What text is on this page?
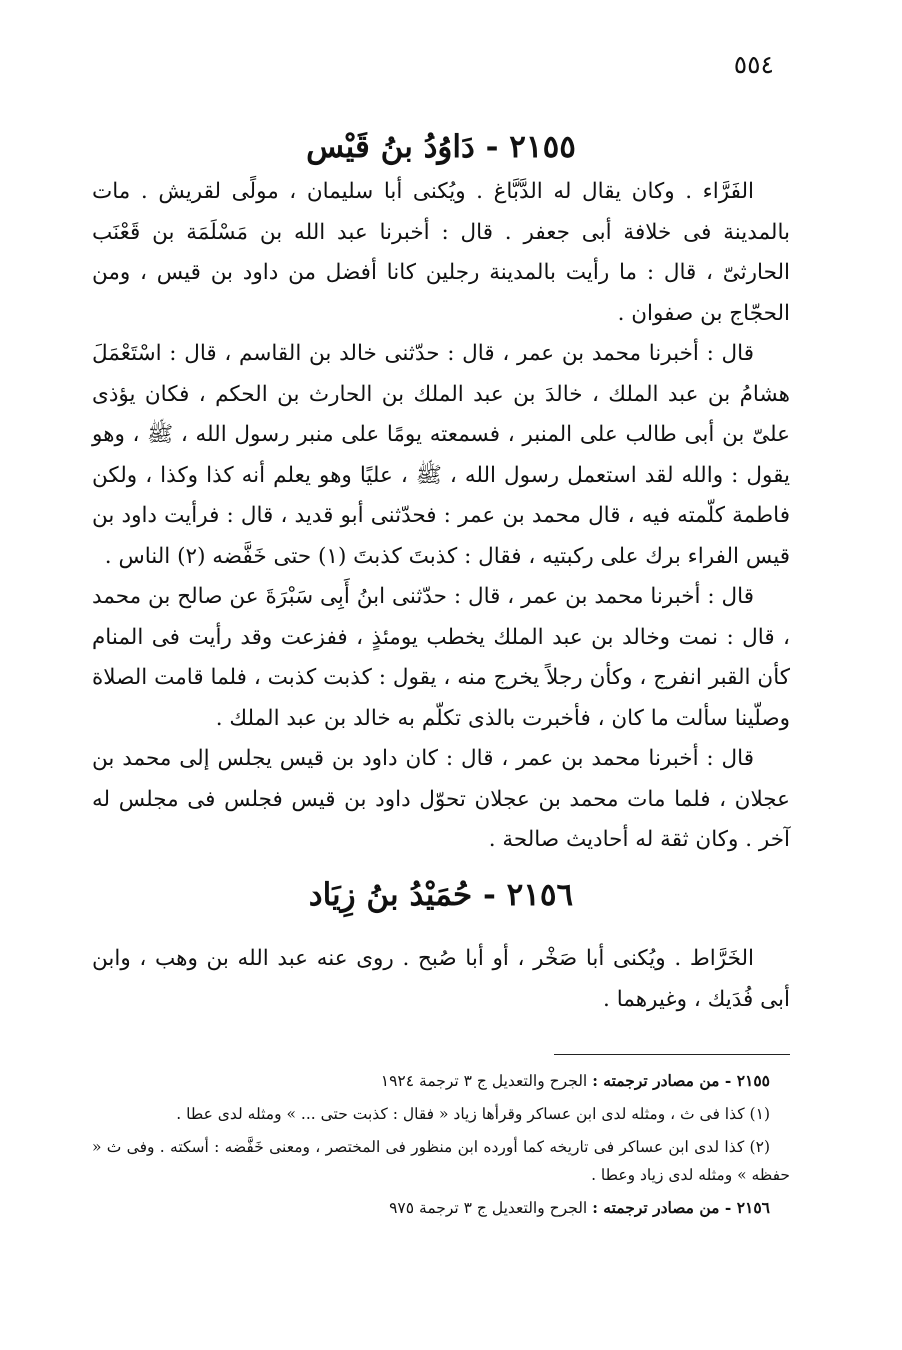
٥٥٤
٢١٥٥ - دَاوُدُ بنُ قَيْس

الفَرَّاء . وكان يقال له الدَّبَّاغ . ويُكنى أبا سليمان ، مولًى لقريش . مات بالمدينة فى خلافة أبى جعفر . قال : أخبرنا عبد الله بن مَسْلَمَة بن قَعْنَب الحارثىّ ، قال : ما رأيت بالمدينة رجلين كانا أفضل من داود بن قيس ، ومن الحجّاج بن صفوان .

قال : أخبرنا محمد بن عمر ، قال : حدّثنى خالد بن القاسم ، قال : اسْتَعْمَلَ هشامُ بن عبد الملك ، خالدَ بن عبد الملك بن الحارث بن الحكم ، فكان يؤذى علىّ بن أبى طالب على المنبر ، فسمعته يومًا على منبر رسول الله ، ﷺ ، وهو يقول : والله لقد استعمل رسول الله ، ﷺ ، عليًا وهو يعلم أنه كذا وكذا ، ولكن فاطمة كلّمته فيه ، قال محمد بن عمر : فحدّثنى أبو قديد ، قال : فرأيت داود بن قيس الفراء برك على ركبتيه ، فقال : كذبتَ كذبتَ (١) حتى خَفَّضه (٢) الناس .

قال : أخبرنا محمد بن عمر ، قال : حدّثنى ابنُ أَبِى سَبْرَةَ عن صالح بن محمد ، قال : نمت وخالد بن عبد الملك يخطب يومئذٍ ، ففزعت وقد رأيت فى المنام كأن القبر انفرج ، وكأن رجلاً يخرج منه ، يقول : كذبت كذبت ، فلما قامت الصلاة وصلّينا سألت ما كان ، فأخبرت بالذى تكلّم به خالد بن عبد الملك .

قال : أخبرنا محمد بن عمر ، قال : كان داود بن قيس يجلس إلى محمد بن عجلان ، فلما مات محمد بن عجلان تحوّل داود بن قيس فجلس فى مجلس له آخر . وكان ثقة له أحاديث صالحة .

٢١٥٦ - حُمَيْدُ بنُ زِيَاد

الخَرَّاط . ويُكنى أبا صَخْر ، أو أبا صُبح . روى عنه عبد الله بن وهب ، وابن أبى فُدَيك ، وغيرهما .

٢١٥٥ - من مصادر ترجمته : الجرح والتعديل ج ٣ ترجمة ١٩٢٤

(١) كذا فى ث ، ومثله لدى ابن عساكر وقرأها زياد « فقال : كذبت حتى ... » ومثله لدى عطا .

(٢) كذا لدى ابن عساكر فى تاريخه كما أورده ابن منظور فى المختصر ، ومعنى خَفَّضه : أسكته . وفى ث « حفظه » ومثله لدى زياد وعطا .

٢١٥٦ - من مصادر ترجمته : الجرح والتعديل ج ٣ ترجمة ٩٧٥
